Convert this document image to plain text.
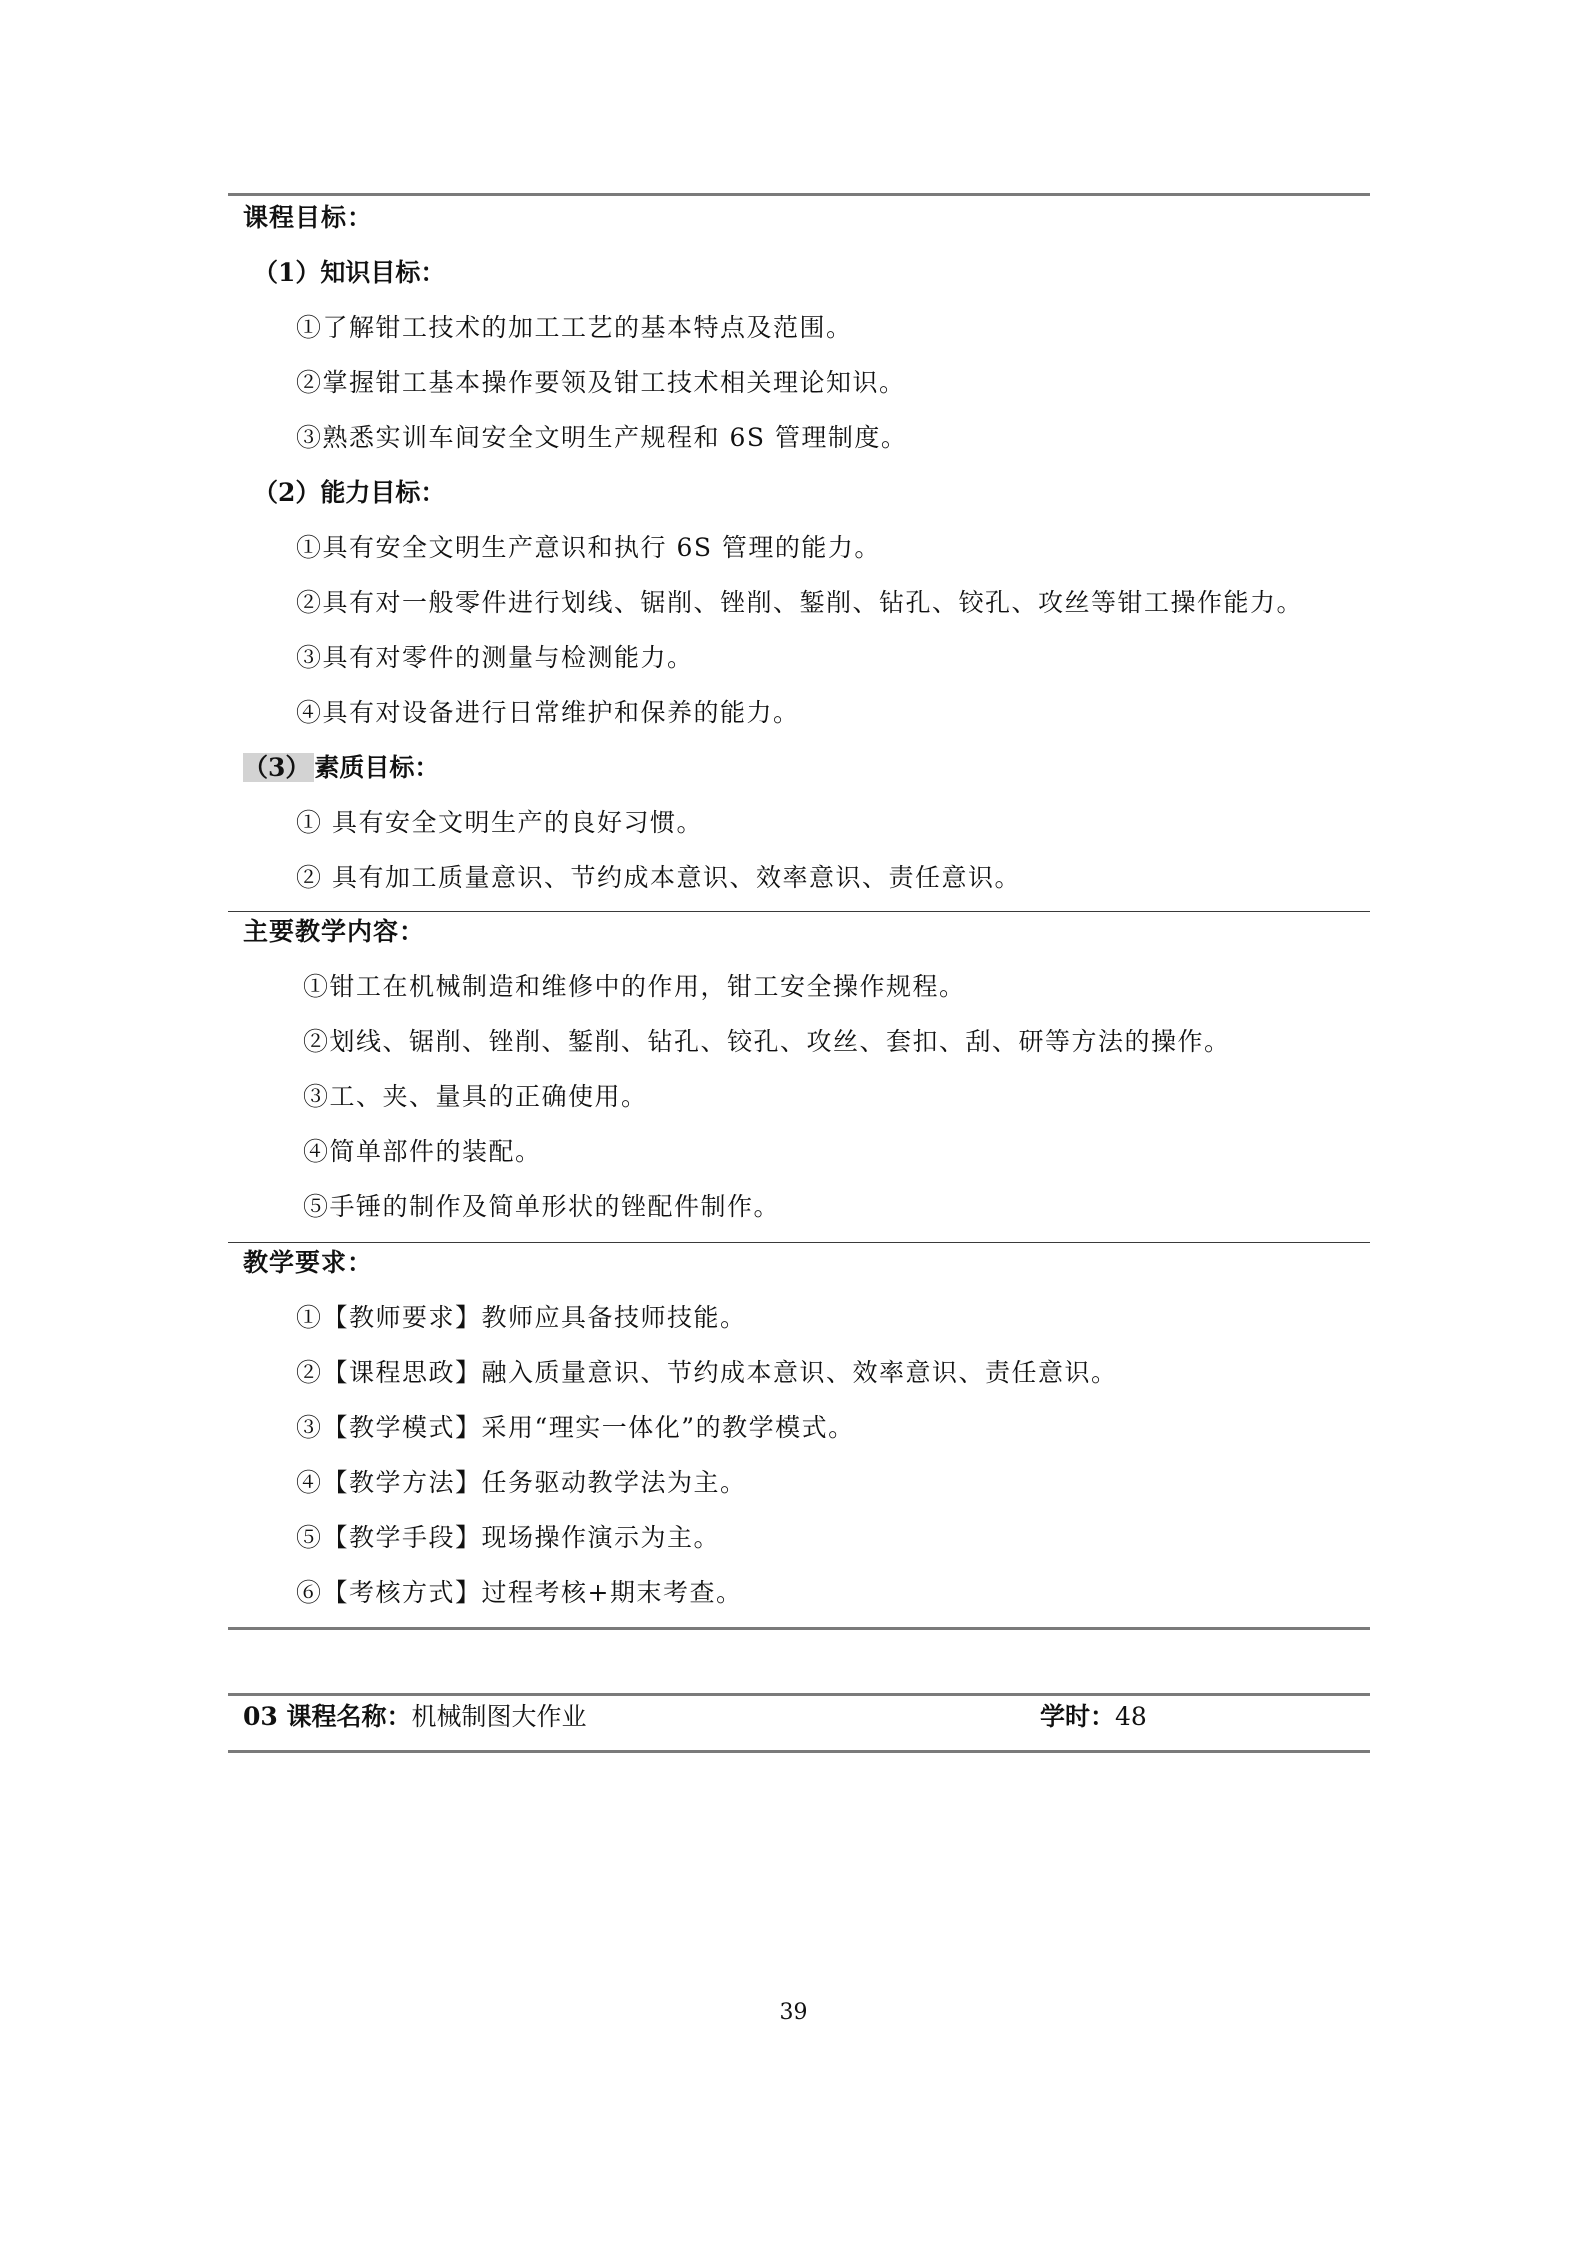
课程目标：

（1）知识目标：

①了解钳工技术的加工工艺的基本特点及范围。

②掌握钳工基本操作要领及钳工技术相关理论知识。

③熟悉实训车间安全文明生产规程和 6S 管理制度。

（2）能力目标：

①具有安全文明生产意识和执行 6S 管理的能力。

②具有对一般零件进行划线、锯削、锉削、錾削、钻孔、铰孔、攻丝等钳工操作能力。

③具有对零件的测量与检测能力。

④具有对设备进行日常维护和保养的能力。

（3） 素质目标：

① 具有安全文明生产的良好习惯。

② 具有加工质量意识、节约成本意识、效率意识、责任意识。

主要教学内容：

①钳工在机械制造和维修中的作用，钳工安全操作规程。

②划线、锯削、锉削、錾削、钻孔、铰孔、攻丝、套扣、刮、研等方法的操作。

③工、夹、量具的正确使用。

④简单部件的装配。

⑤手锤的制作及简单形状的锉配件制作。

教学要求：

①【教师要求】教师应具备技师技能。

②【课程思政】融入质量意识、节约成本意识、效率意识、责任意识。

③【教学模式】采用“理实一体化”的教学模式。

④【教学方法】任务驱动教学法为主。

⑤【教学手段】现场操作演示为主。

⑥【考核方式】过程考核+期末考查。

03 课程名称：机械制图大作业	学时：48
39
